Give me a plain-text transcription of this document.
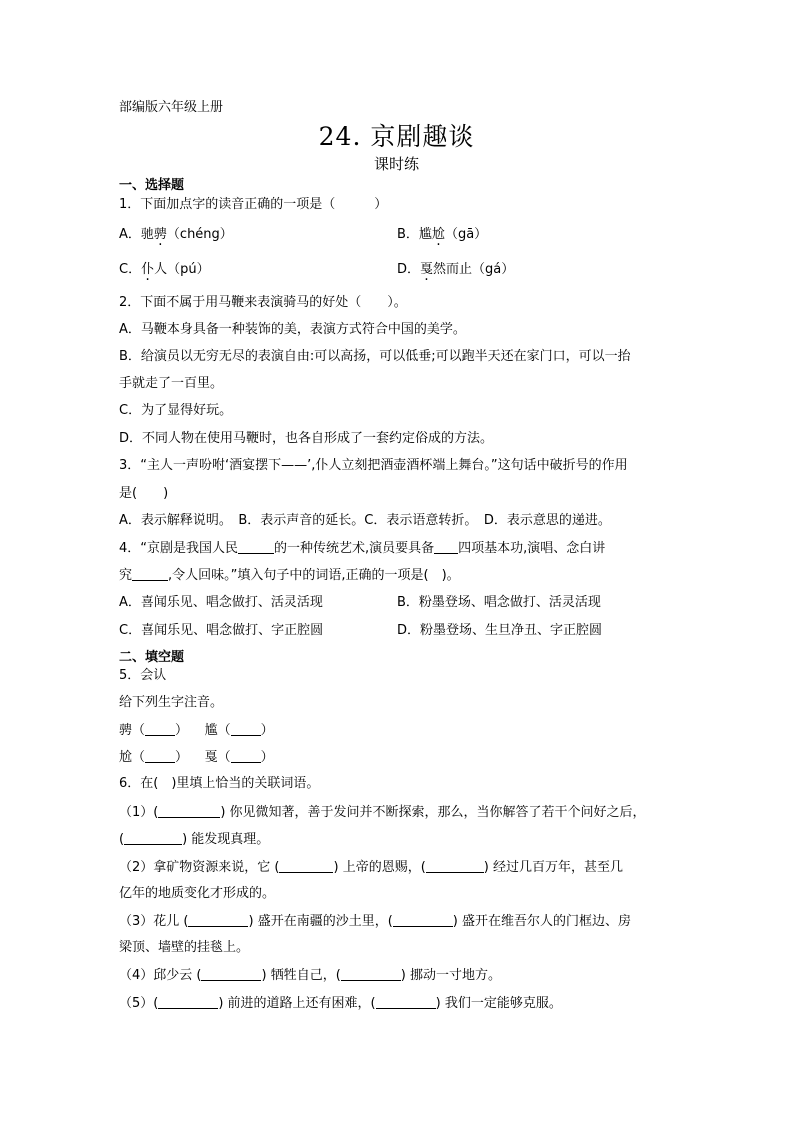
部编版六年级上册
24. 京剧趣谈
课时练
一、选择题
1．下面加点字的读音正确的一项是（　　　）
A．驰骋（chéng）	B．尴尬（gā）
C．仆人（pú）	D．戛然而止（gá）
2．下面不属于用马鞭来表演骑马的好处（　　）。
A．马鞭本身具备一种装饰的美，表演方式符合中国的美学。
B．给演员以无穷无尽的表演自由:可以高扬，可以低垂;可以跑半天还在家门口，可以一抬
手就走了一百里。
C．为了显得好玩。
D．不同人物在使用马鞭时，也各自形成了一套约定俗成的方法。
3．“主人一声吩咐‘酒宴摆下——’,仆人立刻把酒壶酒杯端上舞台。”这句话中破折号的作用
是(　　)
A．表示解释说明。　B．表示声音的延长。C．表示语意转折。　D．表示意思的递进。
4．“京剧是我国人民	的一种传统艺术,演员要具备 四项基本功,演唱、念白讲
究	,令人回味。”填入句子中的词语,正确的一项是(　)。
A．喜闻乐见、唱念做打、活灵活现	B．粉墨登场、唱念做打、活灵活现
C．喜闻乐见、唱念做打、字正腔圆	D．粉墨登场、生旦净丑、字正腔圆
二、填空题
5．会认
给下列生字注音。
骋（ ） 尴（ ）
尬（ ） 戛（ ）
6．在(　)里填上恰当的关联词语。
（1）(	) 你见微知著，善于发问并不断探索，那么，当你解答了若干个问好之后，
(	) 能发现真理。
（2）拿矿物资源来说，它 (	) 上帝的恩赐，(	) 经过几百万年，甚至几
亿年的地质变化才形成的。
（3）花儿 (	) 盛开在南疆的沙土里，(	) 盛开在维吾尔人的门框边、房
梁顶、墙壁的挂毯上。
（4）邱少云 (	) 牺牲自己，(	) 挪动一寸地方。
（5）(	) 前进的道路上还有困难，(	) 我们一定能够克服。
